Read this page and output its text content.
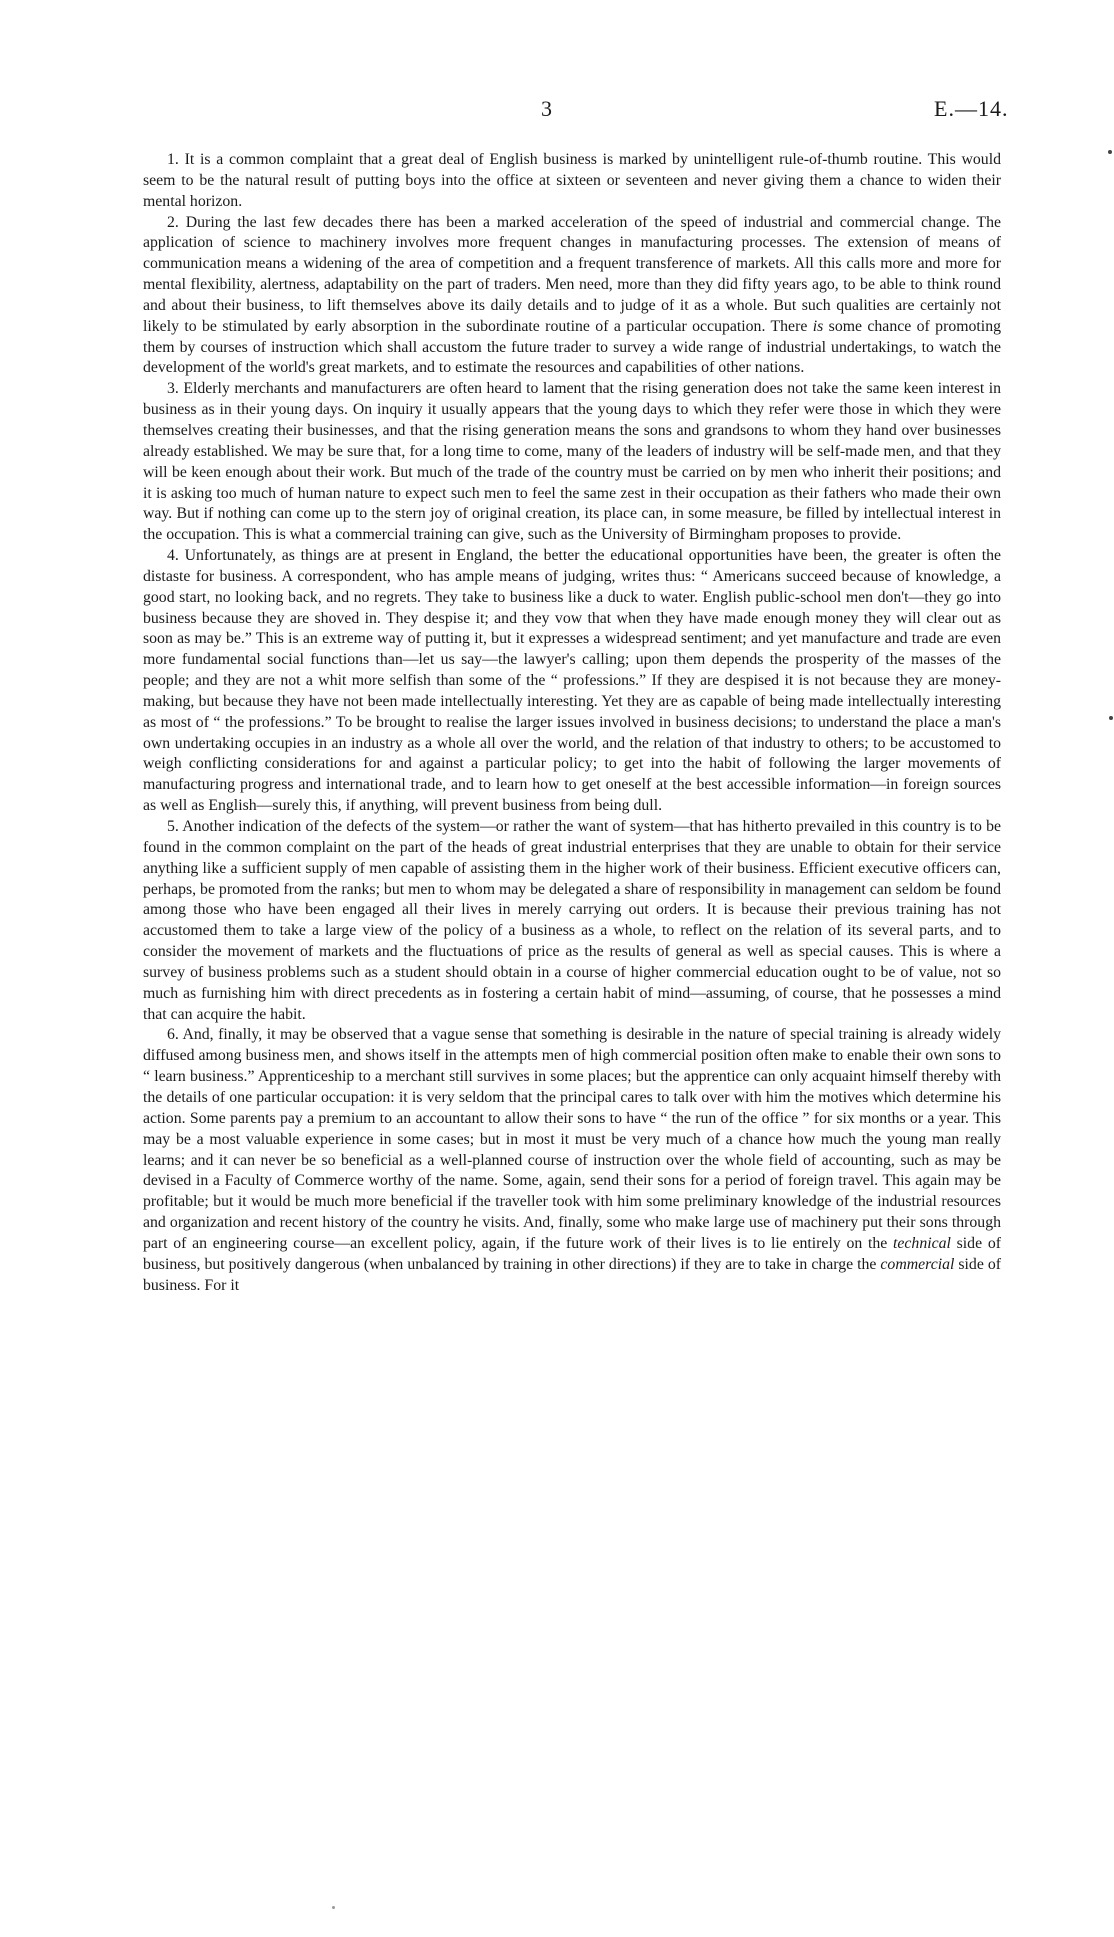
3	E.—14.

1. It is a common complaint that a great deal of English business is marked by unintelligent rule-of-thumb routine. This would seem to be the natural result of putting boys into the office at sixteen or seventeen and never giving them a chance to widen their mental horizon.

2. During the last few decades there has been a marked acceleration of the speed of industrial and commercial change. The application of science to machinery involves more frequent changes in manufacturing processes. The extension of means of communication means a widening of the area of competition and a frequent transference of markets. All this calls more and more for mental flexibility, alertness, adaptability on the part of traders. Men need, more than they did fifty years ago, to be able to think round and about their business, to lift themselves above its daily details and to judge of it as a whole. But such qualities are certainly not likely to be stimulated by early absorption in the subordinate routine of a particular occupation. There is some chance of promoting them by courses of instruction which shall accustom the future trader to survey a wide range of industrial undertakings, to watch the development of the world's great markets, and to estimate the resources and capabilities of other nations.

3. Elderly merchants and manufacturers are often heard to lament that the rising generation does not take the same keen interest in business as in their young days. On inquiry it usually appears that the young days to which they refer were those in which they were themselves creating their businesses, and that the rising generation means the sons and grandsons to whom they hand over businesses already established. We may be sure that, for a long time to come, many of the leaders of industry will be self-made men, and that they will be keen enough about their work. But much of the trade of the country must be carried on by men who inherit their positions; and it is asking too much of human nature to expect such men to feel the same zest in their occupation as their fathers who made their own way. But if nothing can come up to the stern joy of original creation, its place can, in some measure, be filled by intellectual interest in the occupation. This is what a commercial training can give, such as the University of Birmingham proposes to provide.

4. Unfortunately, as things are at present in England, the better the educational opportunities have been, the greater is often the distaste for business. A correspondent, who has ample means of judging, writes thus: “ Americans succeed because of knowledge, a good start, no looking back, and no regrets. They take to business like a duck to water. English public-school men don't—they go into business because they are shoved in. They despise it; and they vow that when they have made enough money they will clear out as soon as may be.” This is an extreme way of putting it, but it expresses a widespread sentiment; and yet manufacture and trade are even more fundamental social functions than—let us say—the lawyer's calling; upon them depends the prosperity of the masses of the people; and they are not a whit more selfish than some of the “ professions.” If they are despised it is not because they are money-making, but because they have not been made intellectually interesting. Yet they are as capable of being made intellectually interesting as most of “ the professions.” To be brought to realise the larger issues involved in business decisions; to understand the place a man's own undertaking occupies in an industry as a whole all over the world, and the relation of that industry to others; to be accustomed to weigh conflicting considerations for and against a particular policy; to get into the habit of following the larger movements of manufacturing progress and international trade, and to learn how to get oneself at the best accessible information—in foreign sources as well as English—surely this, if anything, will prevent business from being dull.

5. Another indication of the defects of the system—or rather the want of system—that has hitherto prevailed in this country is to be found in the common complaint on the part of the heads of great industrial enterprises that they are unable to obtain for their service anything like a sufficient supply of men capable of assisting them in the higher work of their business. Efficient executive officers can, perhaps, be promoted from the ranks; but men to whom may be delegated a share of responsibility in management can seldom be found among those who have been engaged all their lives in merely carrying out orders. It is because their previous training has not accustomed them to take a large view of the policy of a business as a whole, to reflect on the relation of its several parts, and to consider the movement of markets and the fluctuations of price as the results of general as well as special causes. This is where a survey of business problems such as a student should obtain in a course of higher commercial education ought to be of value, not so much as furnishing him with direct precedents as in fostering a certain habit of mind—assuming, of course, that he possesses a mind that can acquire the habit.

6. And, finally, it may be observed that a vague sense that something is desirable in the nature of special training is already widely diffused among business men, and shows itself in the attempts men of high commercial position often make to enable their own sons to “ learn business.” Apprenticeship to a merchant still survives in some places; but the apprentice can only acquaint himself thereby with the details of one particular occupation: it is very seldom that the principal cares to talk over with him the motives which determine his action. Some parents pay a premium to an accountant to allow their sons to have “ the run of the office ” for six months or a year. This may be a most valuable experience in some cases; but in most it must be very much of a chance how much the young man really learns; and it can never be so beneficial as a well-planned course of instruction over the whole field of accounting, such as may be devised in a Faculty of Commerce worthy of the name. Some, again, send their sons for a period of foreign travel. This again may be profitable; but it would be much more beneficial if the traveller took with him some preliminary knowledge of the industrial resources and organization and recent history of the country he visits. And, finally, some who make large use of machinery put their sons through part of an engineering course—an excellent policy, again, if the future work of their lives is to lie entirely on the technical side of business, but positively dangerous (when unbalanced by training in other directions) if they are to take in charge the commercial side of business. For it
